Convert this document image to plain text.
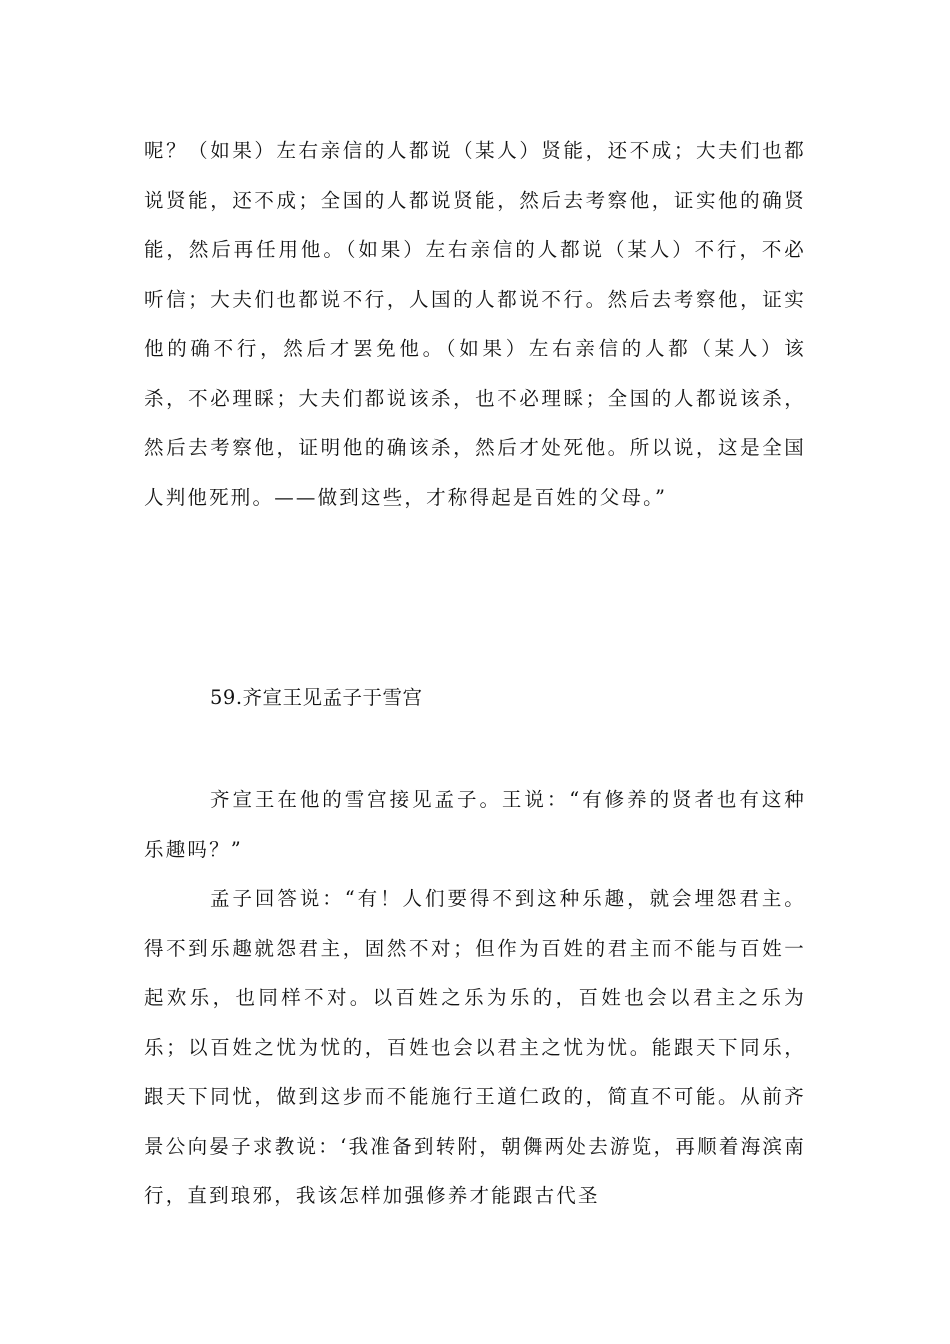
呢？（如果）左右亲信的人都说（某人）贤能，还不成；大夫们也都说贤能，还不成；全国的人都说贤能，然后去考察他，证实他的确贤能，然后再任用他。（如果）左右亲信的人都说（某人）不行，不必听信；大夫们也都说不行，人国的人都说不行。然后去考察他，证实他的确不行，然后才罢免他。（如果）左右亲信的人都（某人）该杀，不必理睬；大夫们都说该杀，也不必理睬；全国的人都说该杀，然后去考察他，证明他的确该杀，然后才处死他。所以说，这是全国人判他死刑。——做到这些，才称得起是百姓的父母。”

59.齐宣王见孟子于雪宫

齐宣王在他的雪宫接见孟子。王说：“有修养的贤者也有这种乐趣吗？”

孟子回答说：“有！人们要得不到这种乐趣，就会埋怨君主。得不到乐趣就怨君主，固然不对；但作为百姓的君主而不能与百姓一起欢乐，也同样不对。以百姓之乐为乐的，百姓也会以君主之乐为乐；以百姓之忧为忧的，百姓也会以君主之忧为忧。能跟天下同乐，跟天下同忧，做到这步而不能施行王道仁政的，简直不可能。从前齐景公向晏子求教说：‘我准备到转附，朝儛两处去游览，再顺着海滨南行，直到琅邪，我该怎样加强修养才能跟古代圣
